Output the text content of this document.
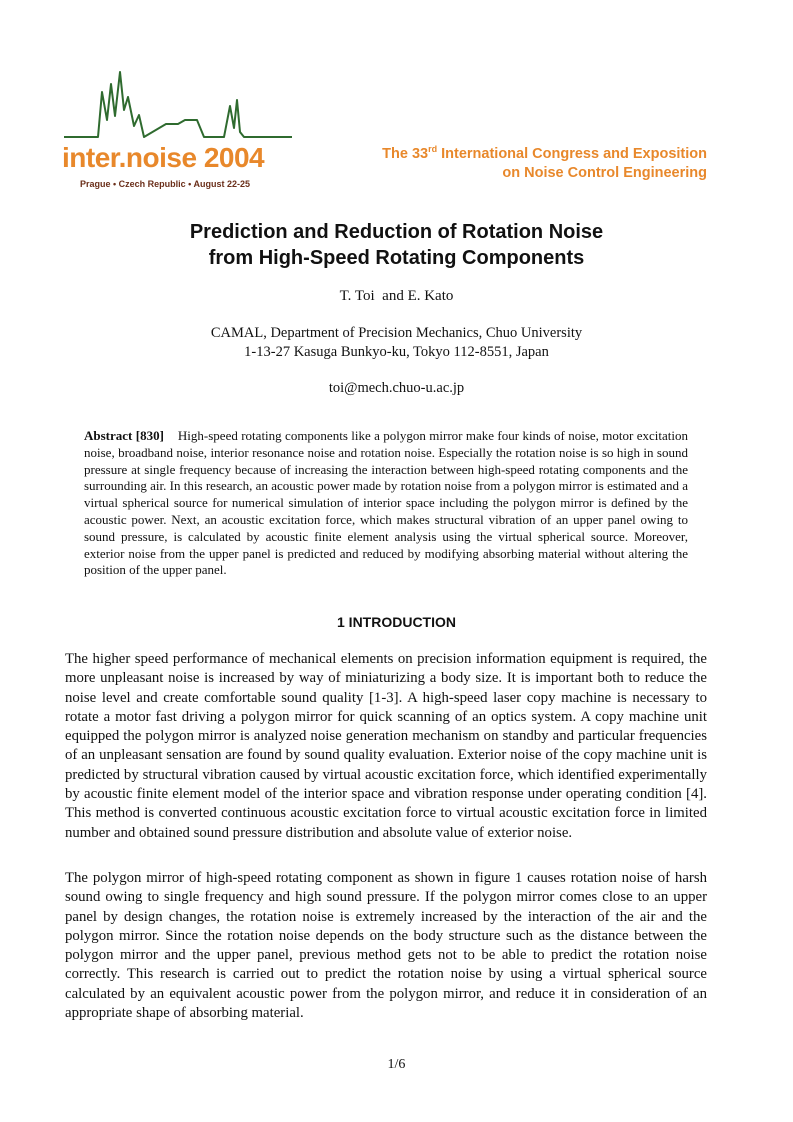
inter.noise 2004
Prague • Czech Republic • August 22-25
The 33rd International Congress and Exposition
on Noise Control Engineering
Prediction and Reduction of Rotation Noise
from High-Speed Rotating Components
T. Toi  and E. Kato
CAMAL, Department of Precision Mechanics, Chuo University
1-13-27 Kasuga Bunkyo-ku, Tokyo 112-8551, Japan
toi@mech.chuo-u.ac.jp
Abstract [830] High-speed rotating components like a polygon mirror make four kinds of noise, motor excitation noise, broadband noise, interior resonance noise and rotation noise. Especially the rotation noise is so high in sound pressure at single frequency because of increasing the interaction between high-speed rotating components and the surrounding air. In this research, an acoustic power made by rotation noise from a polygon mirror is estimated and a virtual spherical source for numerical simulation of interior space including the polygon mirror is defined by the acoustic power. Next, an acoustic excitation force, which makes structural vibration of an upper panel owing to sound pressure, is calculated by acoustic finite element analysis using the virtual spherical source. Moreover, exterior noise from the upper panel is predicted and reduced by modifying absorbing material without altering the position of the upper panel.
1 INTRODUCTION
The higher speed performance of mechanical elements on precision information equipment is required, the more unpleasant noise is increased by way of miniaturizing a body size. It is important both to reduce the noise level and create comfortable sound quality [1-3]. A high-speed laser copy machine is necessary to rotate a motor fast driving a polygon mirror for quick scanning of an optics system. A copy machine unit equipped the polygon mirror is analyzed noise generation mechanism on standby and particular frequencies of an unpleasant sensation are found by sound quality evaluation. Exterior noise of the copy machine unit is predicted by structural vibration caused by virtual acoustic excitation force, which identified experimentally by acoustic finite element model of the interior space and vibration response under operating condition [4]. This method is converted continuous acoustic excitation force to virtual acoustic excitation force in limited number and obtained sound pressure distribution and absolute value of exterior noise.
The polygon mirror of high-speed rotating component as shown in figure 1 causes rotation noise of harsh sound owing to single frequency and high sound pressure. If the polygon mirror comes close to an upper panel by design changes, the rotation noise is extremely increased by the interaction of the air and the polygon mirror. Since the rotation noise depends on the body structure such as the distance between the polygon mirror and the upper panel, previous method gets not to be able to predict the rotation noise correctly. This research is carried out to predict the rotation noise by using a virtual spherical source calculated by an equivalent acoustic power from the polygon mirror, and reduce it in consideration of an appropriate shape of absorbing material.
1/6
